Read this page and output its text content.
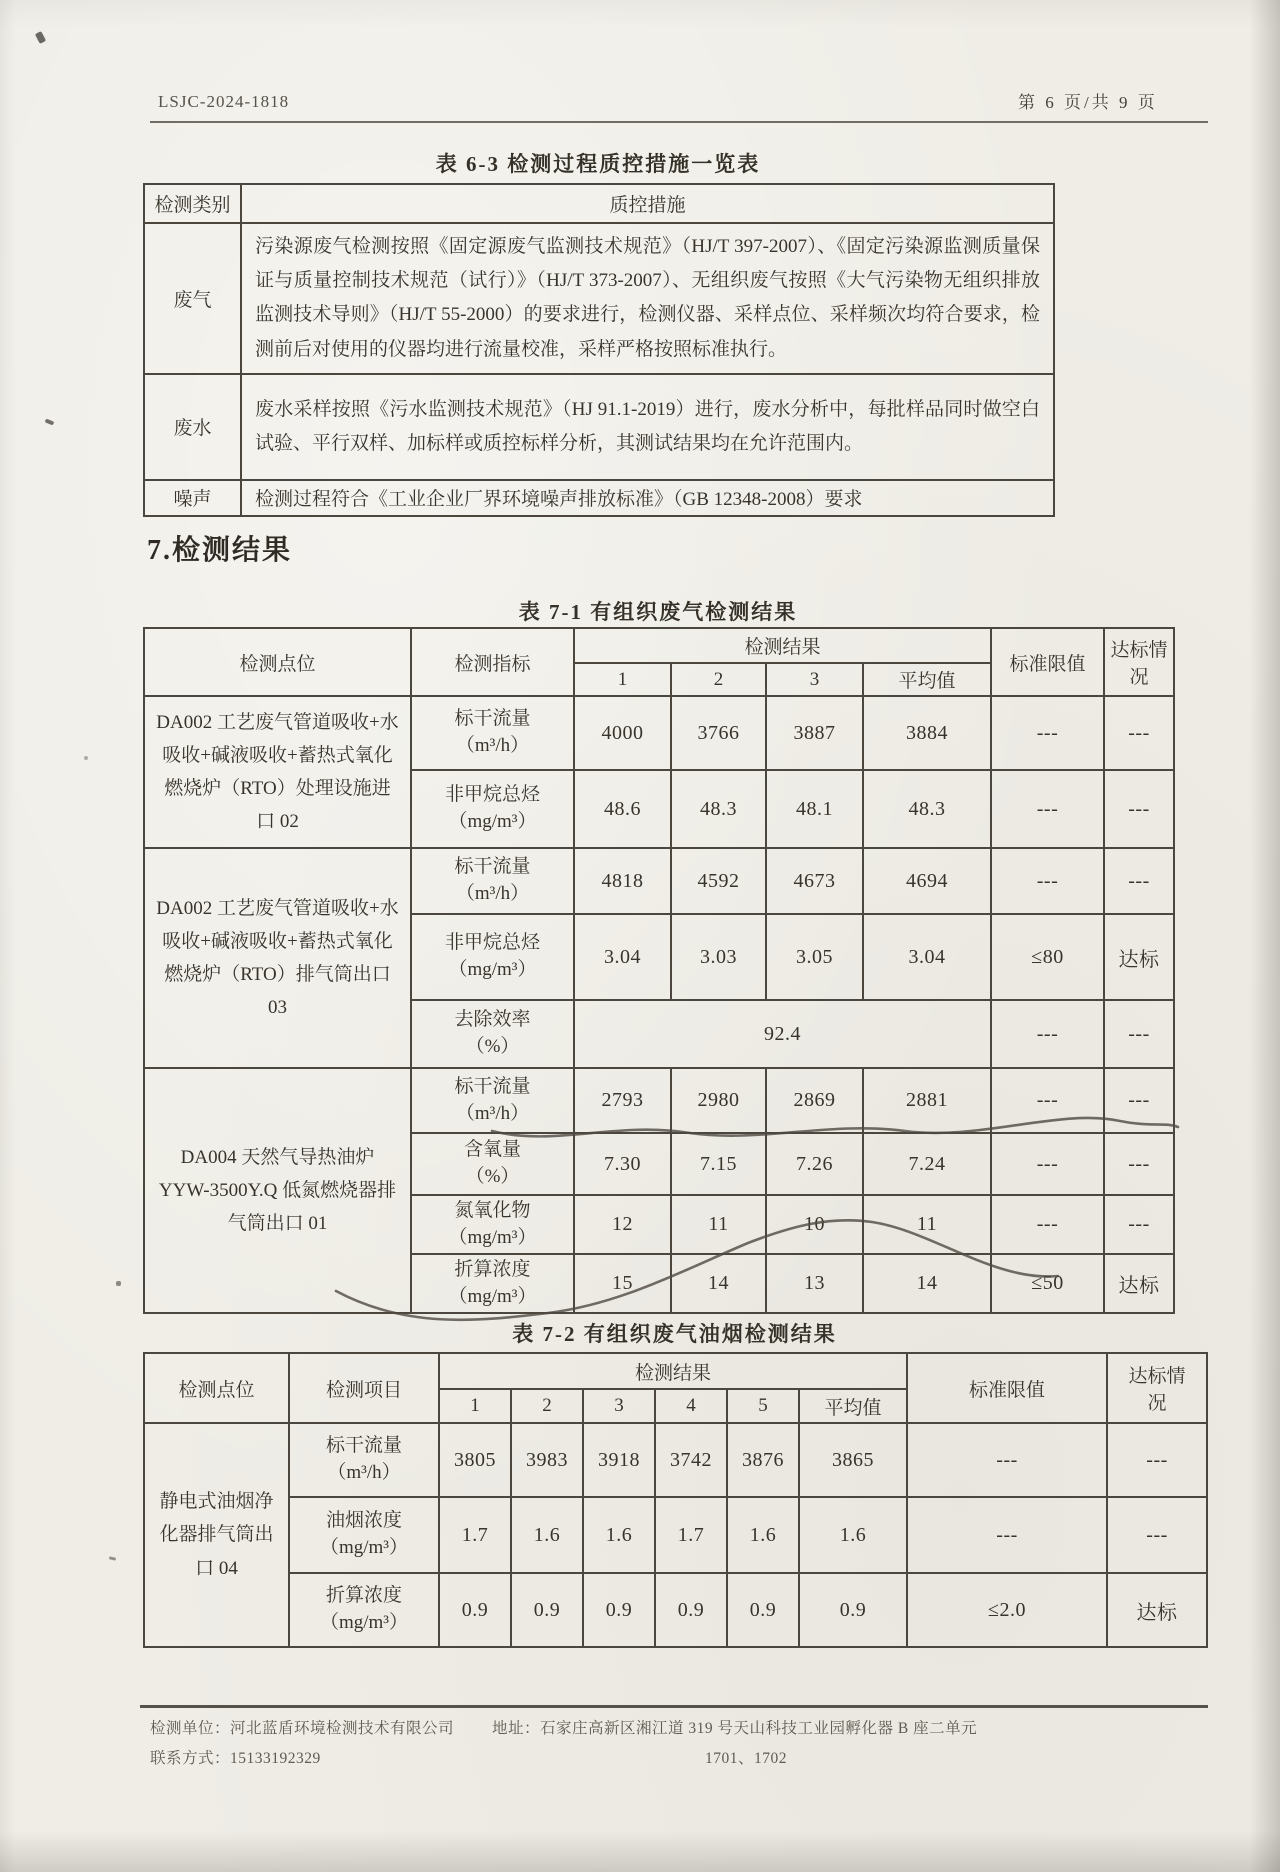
LSJC-2024-1818	第 6 页/共 9 页
表 6-3 检测过程质控措施一览表
检测类别	质控措施
废气	污染源废气检测按照《固定源废气监测技术规范》（HJ/T 397-2007）、《固定污染源监测质量保证与质量控制技术规范（试行）》（HJ/T 373-2007）、无组织废气按照《大气污染物无组织排放监测技术导则》（HJ/T 55-2000）的要求进行，检测仪器、采样点位、采样频次均符合要求，检测前后对使用的仪器均进行流量校准，采样严格按照标准执行。
废水	废水采样按照《污水监测技术规范》（HJ 91.1-2019）进行，废水分析中，每批样品同时做空白试验、平行双样、加标样或质控标样分析，其测试结果均在允许范围内。
噪声	检测过程符合《工业企业厂界环境噪声排放标准》（GB 12348-2008）要求
7.检测结果
表 7-1 有组织废气检测结果
检测点位	检测指标	检测结果				标准限值	达标情况
		1	2	3	平均值		
DA002 工艺废气管道吸收+水吸收+碱液吸收+蓄热式氧化燃烧炉（RTO）处理设施进口 02	标干流量
（m³/h）	4000	3766	3887	3884	---	---

	非甲烷总烃
（mg/m³）	48.6	48.3	48.1	48.3	---	---
DA002 工艺废气管道吸收+水吸收+碱液吸收+蓄热式氧化燃烧炉（RTO）排气筒出口 03	标干流量
（m³/h）	4818	4592	4673	4694	---	---

	非甲烷总烃
（mg/m³）	3.04	3.03	3.05	3.04	≤80	达标

	去除效率
（%）	92.4				---	---
DA004 天然气导热油炉 YYW-3500Y.Q 低氮燃烧器排气筒出口 01	标干流量
（m³/h）	2793	2980	2869	2881	---	---

	含氧量
（%）	7.30	7.15	7.26	7.24	---	---

	氮氧化物
（mg/m³）	12	11	10	11	---	---

	折算浓度
（mg/m³）	15	14	13	14	≤50	达标
表 7-2 有组织废气油烟检测结果
检测点位	检测项目	检测结果						标准限值	达标情况
		1	2	3	4	5	平均值		
静电式油烟净化器排气筒出口 04	标干流量
（m³/h）	3805	3983	3918	3742	3876	3865	---	---

	油烟浓度
（mg/m³）	1.7	1.6	1.6	1.7	1.6	1.6	---	---

	折算浓度
（mg/m³）	0.9	0.9	0.9	0.9	0.9	0.9	≤2.0	达标
检测单位：河北蓝盾环境检测技术有限公司 地址：石家庄高新区湘江道 319 号天山科技工业园孵化器 B 座二单元
联系方式：15133192329	1701、1702
